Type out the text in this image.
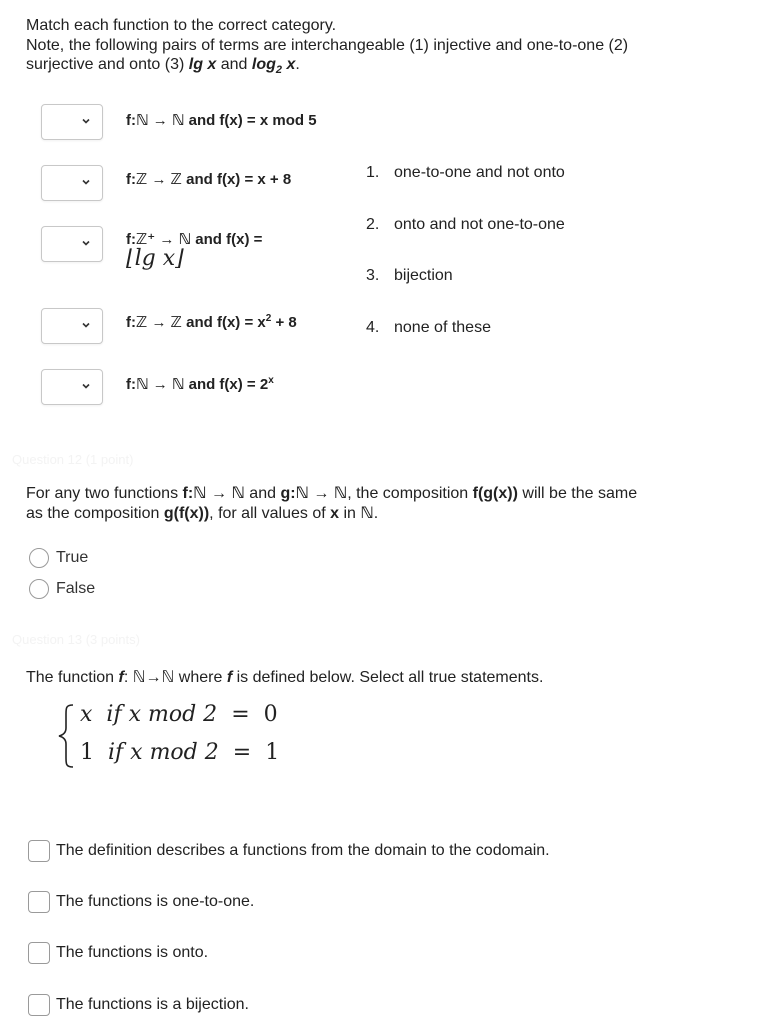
Match each function to the correct category.
Note, the following pairs of terms are interchangeable (1) injective and one-to-one (2)
surjective and onto (3) lg x and $\log_2 x$.
f:ℕ → ℕ and f(x) = x mod 5
f:ℤ → ℤ and f(x) = x + 8
f:ℤ⁺ → ℕ and f(x) =
⌊lg x⌋
f:ℤ → ℤ and $f(x) = x^2 + 8$
f:ℕ → ℕ and $f(x) = 2^x$
1. one-to-one and not onto
2. onto and not one-to-one
3. bijection
4. none of these
Question 12 (1 point)
Question 13 (3 points)
For any two functions f:ℕ → ℕ and g:ℕ → ℕ, the composition f(g(x)) will be the same
as the composition g(f(x)), for all values of x in ℕ.
True
False
The function f: ℕ→ℕ where f is defined below. Select all true statements.
x if x mod 2 = 0
1 if x mod 2 = 1
The definition describes a functions from the domain to the codomain.
The functions is one-to-one.
The functions is onto.
The functions is a bijection.
